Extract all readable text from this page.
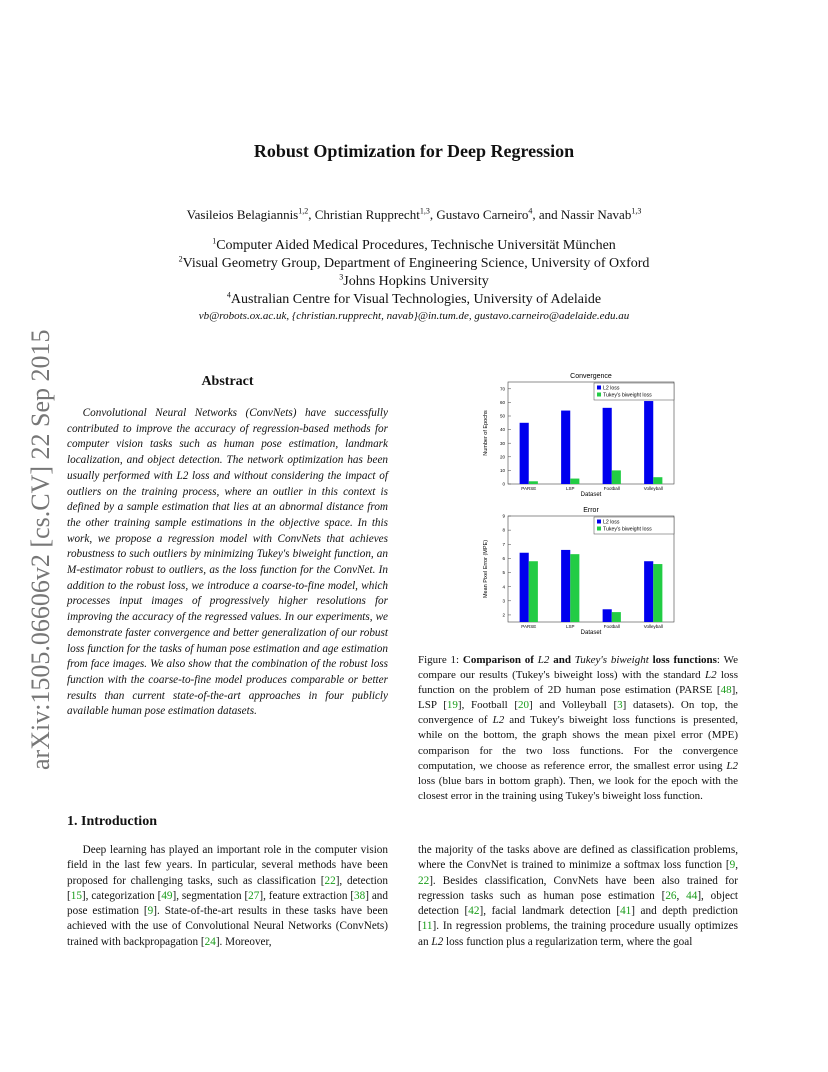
Robust Optimization for Deep Regression
Vasileios Belagiannis$^{1,2}$, Christian Rupprecht$^{1,3}$, Gustavo Carneiro$^4$, and Nassir Navab$^{1,3}$
$^1$Computer Aided Medical Procedures, Technische Universität München
$^2$Visual Geometry Group, Department of Engineering Science, University of Oxford
$^3$Johns Hopkins University
$^4$Australian Centre for Visual Technologies, University of Adelaide
vb@robots.ox.ac.uk, {christian.rupprecht, navab}@in.tum.de, gustavo.carneiro@adelaide.edu.au
arXiv:1505.06606v2 [cs.CV] 22 Sep 2015	Abstract
Convolutional Neural Networks (ConvNets) have successfully contributed to improve the accuracy of regression-based methods for computer vision tasks such as human pose estimation, landmark localization, and object detection. The network optimization has been usually performed with L2 loss and without considering the impact of outliers on the training process, where an outlier in this context is defined by a sample estimation that lies at an abnormal distance from the other training sample estimations in the objective space. In this work, we propose a regression model with ConvNets that achieves robustness to such outliers by minimizing Tukey's biweight function, an M-estimator robust to outliers, as the loss function for the ConvNet. In addition to the robust loss, we introduce a coarse-to-fine model, which processes input images of progressively higher resolutions for improving the accuracy of the regressed values. In our experiments, we demonstrate faster convergence and better generalization of our robust loss function for the tasks of human pose estimation and age estimation from face images. We also show that the combination of the robust loss function with the coarse-to-fine model produces comparable or better results than current state-of-the-art approaches in four publicly available human pose estimation datasets.
Convergence
0
10
20
30
40
50
60
70
PARSE	LSP	Football	Volleyball
Dataset
Number of Epochs
L2 loss
Tukey's biweight loss
Error
2
3
4
5
6
7
8
9
PARSE	LSP	Football	Volleyball
Dataset
Mean Pixel Error (MPE)
L2 loss
Tukey's biweight loss
Figure 1: Comparison of L2 and Tukey's biweight loss functions: We compare our results (Tukey's biweight loss) with the standard L2 loss function on the problem of 2D human pose estimation (PARSE [48], LSP [19], Football [20] and Volleyball [3] datasets). On top, the convergence of L2 and Tukey's biweight loss functions is presented, while on the bottom, the graph shows the mean pixel error (MPE) comparison for the two loss functions. For the convergence computation, we choose as reference error, the smallest error using L2 loss (blue bars in bottom graph). Then, we look for the epoch with the closest error in the training using Tukey's biweight loss function.
1. Introduction
Deep learning has played an important role in the computer vision field in the last few years. In particular, several methods have been proposed for challenging tasks, such as classification [22], detection [15], categorization [49], segmentation [27], feature extraction [38] and pose estimation [9]. State-of-the-art results in these tasks have been achieved with the use of Convolutional Neural Networks (ConvNets) trained with backpropagation [24]. Moreover,
the majority of the tasks above are defined as classification problems, where the ConvNet is trained to minimize a softmax loss function [9, 22]. Besides classification, ConvNets have been also trained for regression tasks such as human pose estimation [26, 44], object detection [42], facial landmark detection [41] and depth prediction [11]. In regression problems, the training procedure usually optimizes an L2 loss function plus a regularization term, where the goal
